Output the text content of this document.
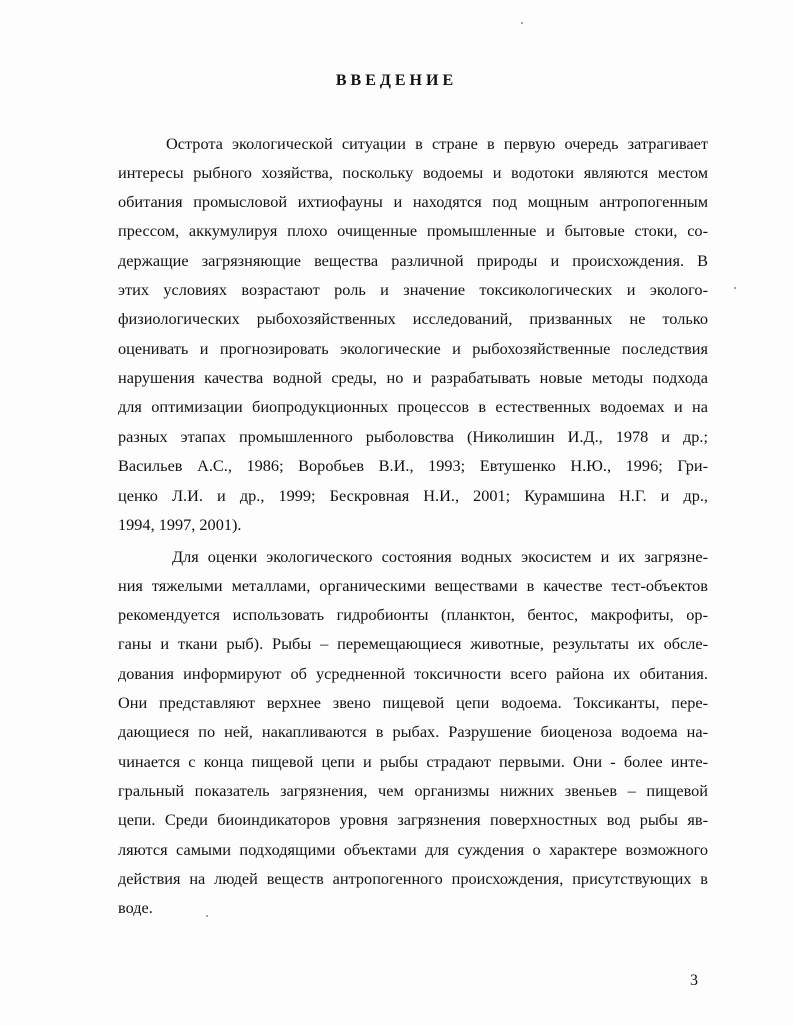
ВВЕДЕНИЕ
Острота экологической ситуации в стране в первую очередь затрагивает
интересы рыбного хозяйства, поскольку водоемы и водотоки являются местом
обитания промысловой ихтиофауны и находятся под мощным антропогенным
прессом, аккумулируя плохо очищенные промышленные и бытовые стоки, со-
держащие загрязняющие вещества различной природы и происхождения. В
этих условиях возрастают роль и значение токсикологических и эколого-
физиологических рыбохозяйственных исследований, призванных не только
оценивать и прогнозировать экологические и рыбохозяйственные последствия
нарушения качества водной среды, но и разрабатывать новые методы подхода
для оптимизации биопродукционных процессов в естественных водоемах и на
разных этапах промышленного рыболовства (Николишин И.Д., 1978 и др.;
Васильев А.С., 1986; Воробьев В.И., 1993; Евтушенко Н.Ю., 1996; Гри-
ценко Л.И. и др., 1999; Бескровная Н.И., 2001; Курамшина Н.Г. и др.,
1994, 1997, 2001).
Для оценки экологического состояния водных экосистем и их загрязне-
ния тяжелыми металлами, органическими веществами в качестве тест-объектов
рекомендуется использовать гидробионты (планктон, бентос, макрофиты, ор-
ганы и ткани рыб). Рыбы – перемещающиеся животные, результаты их обсле-
дования информируют об усредненной токсичности всего района их обитания.
Они представляют верхнее звено пищевой цепи водоема. Токсиканты, пере-
дающиеся по ней, накапливаются в рыбах. Разрушение биоценоза водоема на-
чинается с конца пищевой цепи и рыбы страдают первыми. Они - более инте-
гральный показатель загрязнения, чем организмы нижних звеньев – пищевой
цепи. Среди биоиндикаторов уровня загрязнения поверхностных вод рыбы яв-
ляются самыми подходящими объектами для суждения о характере возможного
действия на людей веществ антропогенного происхождения, присутствующих в
воде.
3
